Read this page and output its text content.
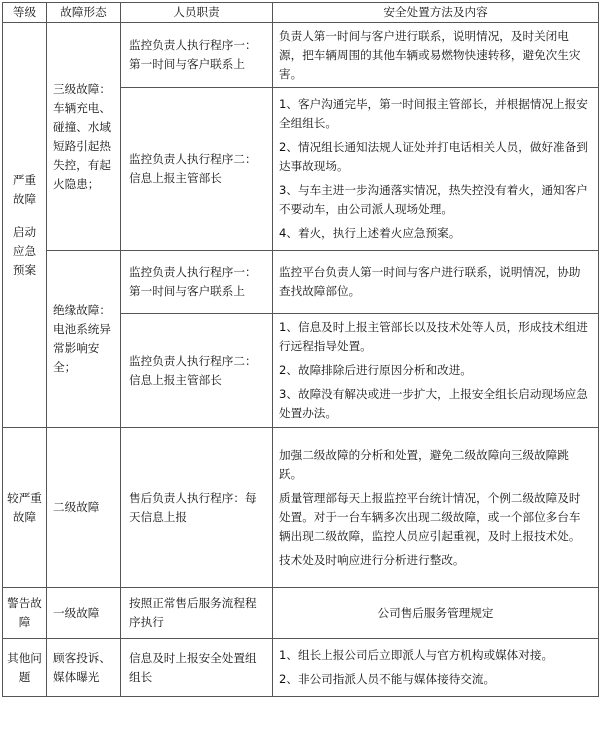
等级	故障形态	人员职责	安全处置方法及内容

严重
故障
启动
应急
预案	三级故障：车辆充电、碰撞、水域短路引起热失控，有起火隐患；	监控负责人执行程序一：第一时间与客户联系上	负责人第一时间与客户进行联系，说明情况，及时关闭电源，把车辆周围的其他车辆或易燃物快速转移，避免次生灾害。
		监控负责人执行程序二：信息上报主管部长	1、客户沟通完毕，第一时间报主管部长，并根据情况上报安全组组长。

2、情况组长通知法规人证处并打电话相关人员，做好准备到达事故现场。

3、与车主进一步沟通落实情况，热失控没有着火，通知客户不要动车，由公司派人现场处理。

4、着火，执行上述着火应急预案。

	绝缘故障：电池系统异常影响安全；	监控负责人执行程序一：第一时间与客户联系上	监控平台负责人第一时间与客户进行联系，说明情况，协助查找故障部位。
		监控负责人执行程序二：信息上报主管部长	1、信息及时上报主管部长以及技术处等人员，形成技术组进行远程指导处置。

2、故障排除后进行原因分析和改进。

3、故障没有解决或进一步扩大，上报安全组长启动现场应急处置办法。

较严重故障	二级故障	售后负责人执行程序：每天信息上报	加强二级故障的分析和处置，避免二级故障向三级故障跳跃。

质量管理部每天上报监控平台统计情况，个例二级故障及时处置。对于一台车辆多次出现二级故障，或一个部位多台车辆出现二级故障，监控人员应引起重视，及时上报技术处。

技术处及时响应进行分析进行整改。

警告故障	一级故障	按照正常售后服务流程程序执行	公司售后服务管理规定
其他问题	顾客投诉、媒体曝光	信息及时上报安全处置组组长	1、组长上报公司后立即派人与官方机构或媒体对接。

2、非公司指派人员不能与媒体接待交流。
